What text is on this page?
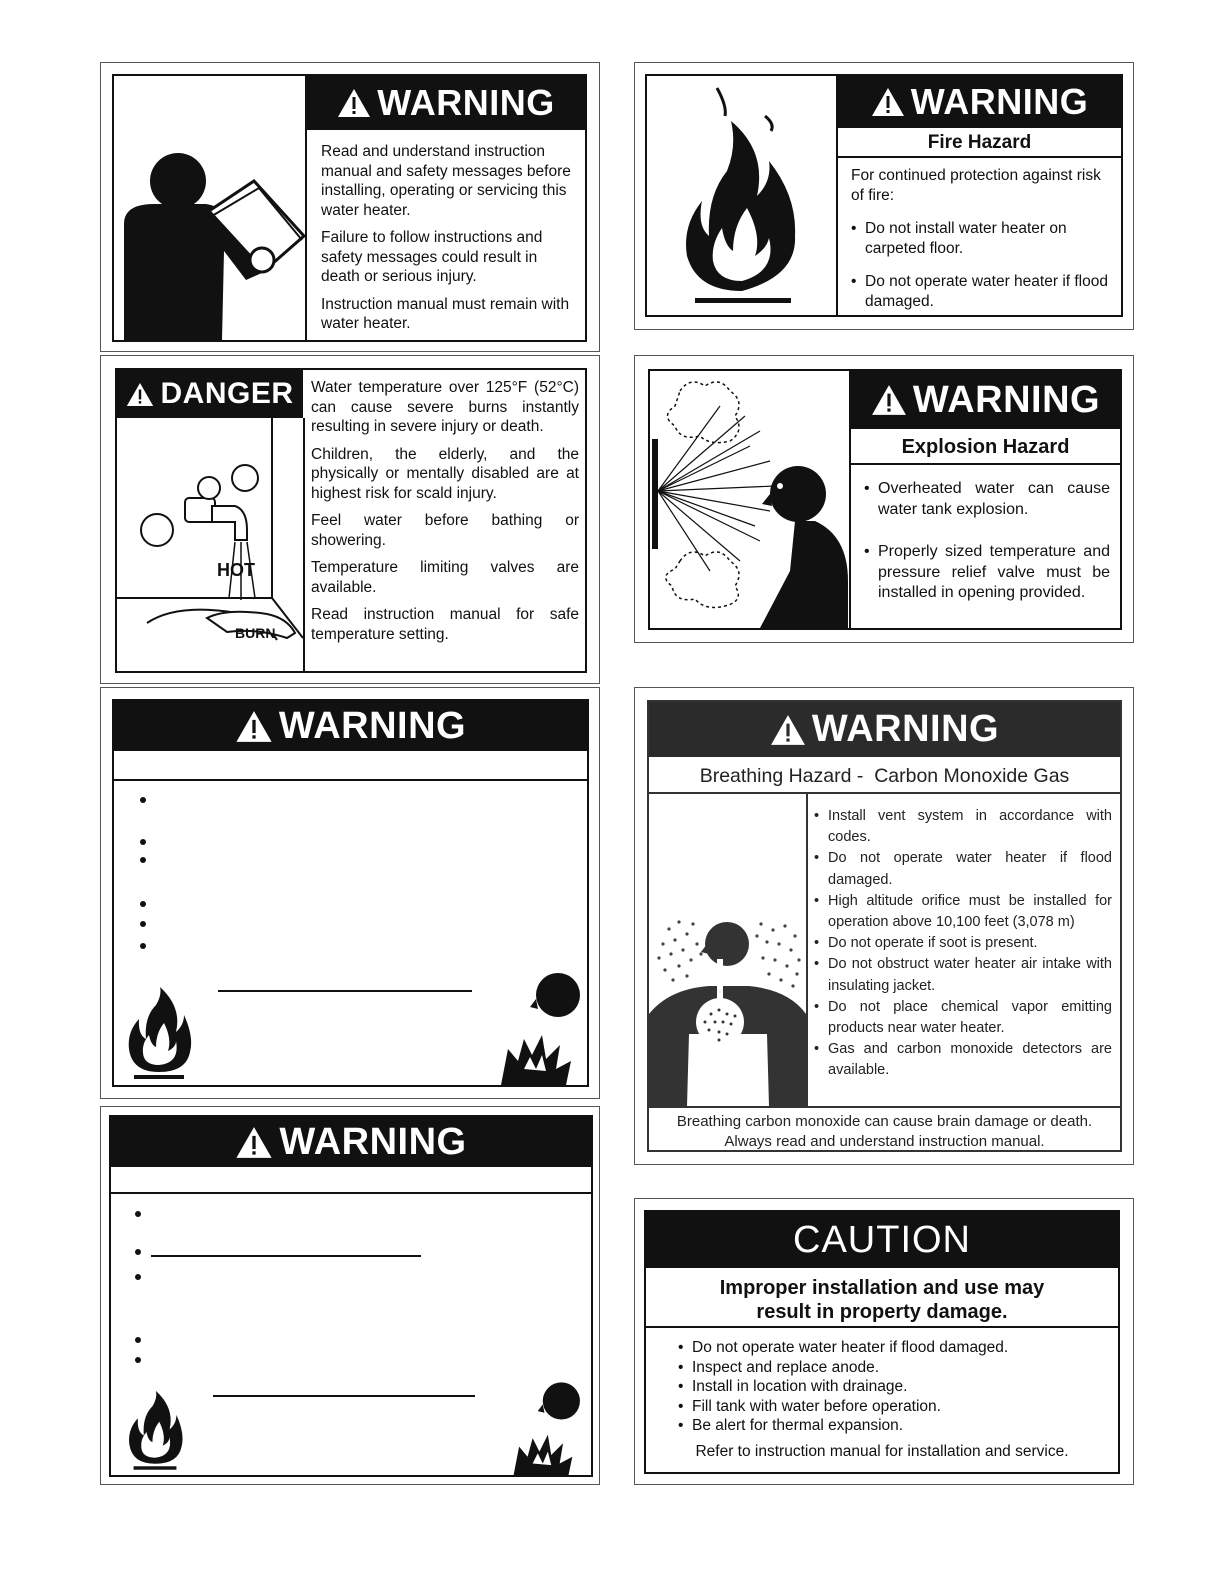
WARNING

Read and understand instruction manual and safety messages before installing, operating or servicing this water heater.

Failure to follow instructions and safety messages could result in death or serious injury.

Instruction manual must remain with water heater.

WARNING
Fire Hazard

For continued protection against risk of fire:

• Do not install water heater on carpeted floor.
• Do not operate water heater if flood damaged.
DANGER
HOT
BURN

Water temperature over 125°F (52°C) can cause severe burns instantly resulting in severe injury or death.

Children, the elderly, and the physically or mentally disabled are at highest risk for scald injury.

Feel water before bathing or showering.

Temperature limiting valves are available.

Read instruction manual for safe temperature setting.

WARNING
Explosion Hazard
• Overheated water can cause water tank explosion.
• Properly sized temperature and pressure relief valve must be installed in opening provided.
WARNING
WARNING
WARNING
Breathing Hazard -  Carbon Monoxide Gas
• Install vent system in accordance with codes.
• Do not operate water heater if flood damaged.
• High altitude orifice must be installed for operation above 10,100 feet (3,078 m)
• Do not operate if soot is present.
• Do not obstruct water heater air intake with insulating jacket.
• Do not place chemical vapor emitting products near water heater.
• Gas and carbon monoxide detectors are available.
Breathing carbon monoxide can cause brain damage or death. Always read and understand instruction manual.
CAUTION
Improper installation and use may result in property damage.
• Do not operate water heater if flood damaged.
• Inspect and replace anode.
• Install in location with drainage.
• Fill tank with water before operation.
• Be alert for thermal expansion.
Refer to instruction manual for installation and service.
